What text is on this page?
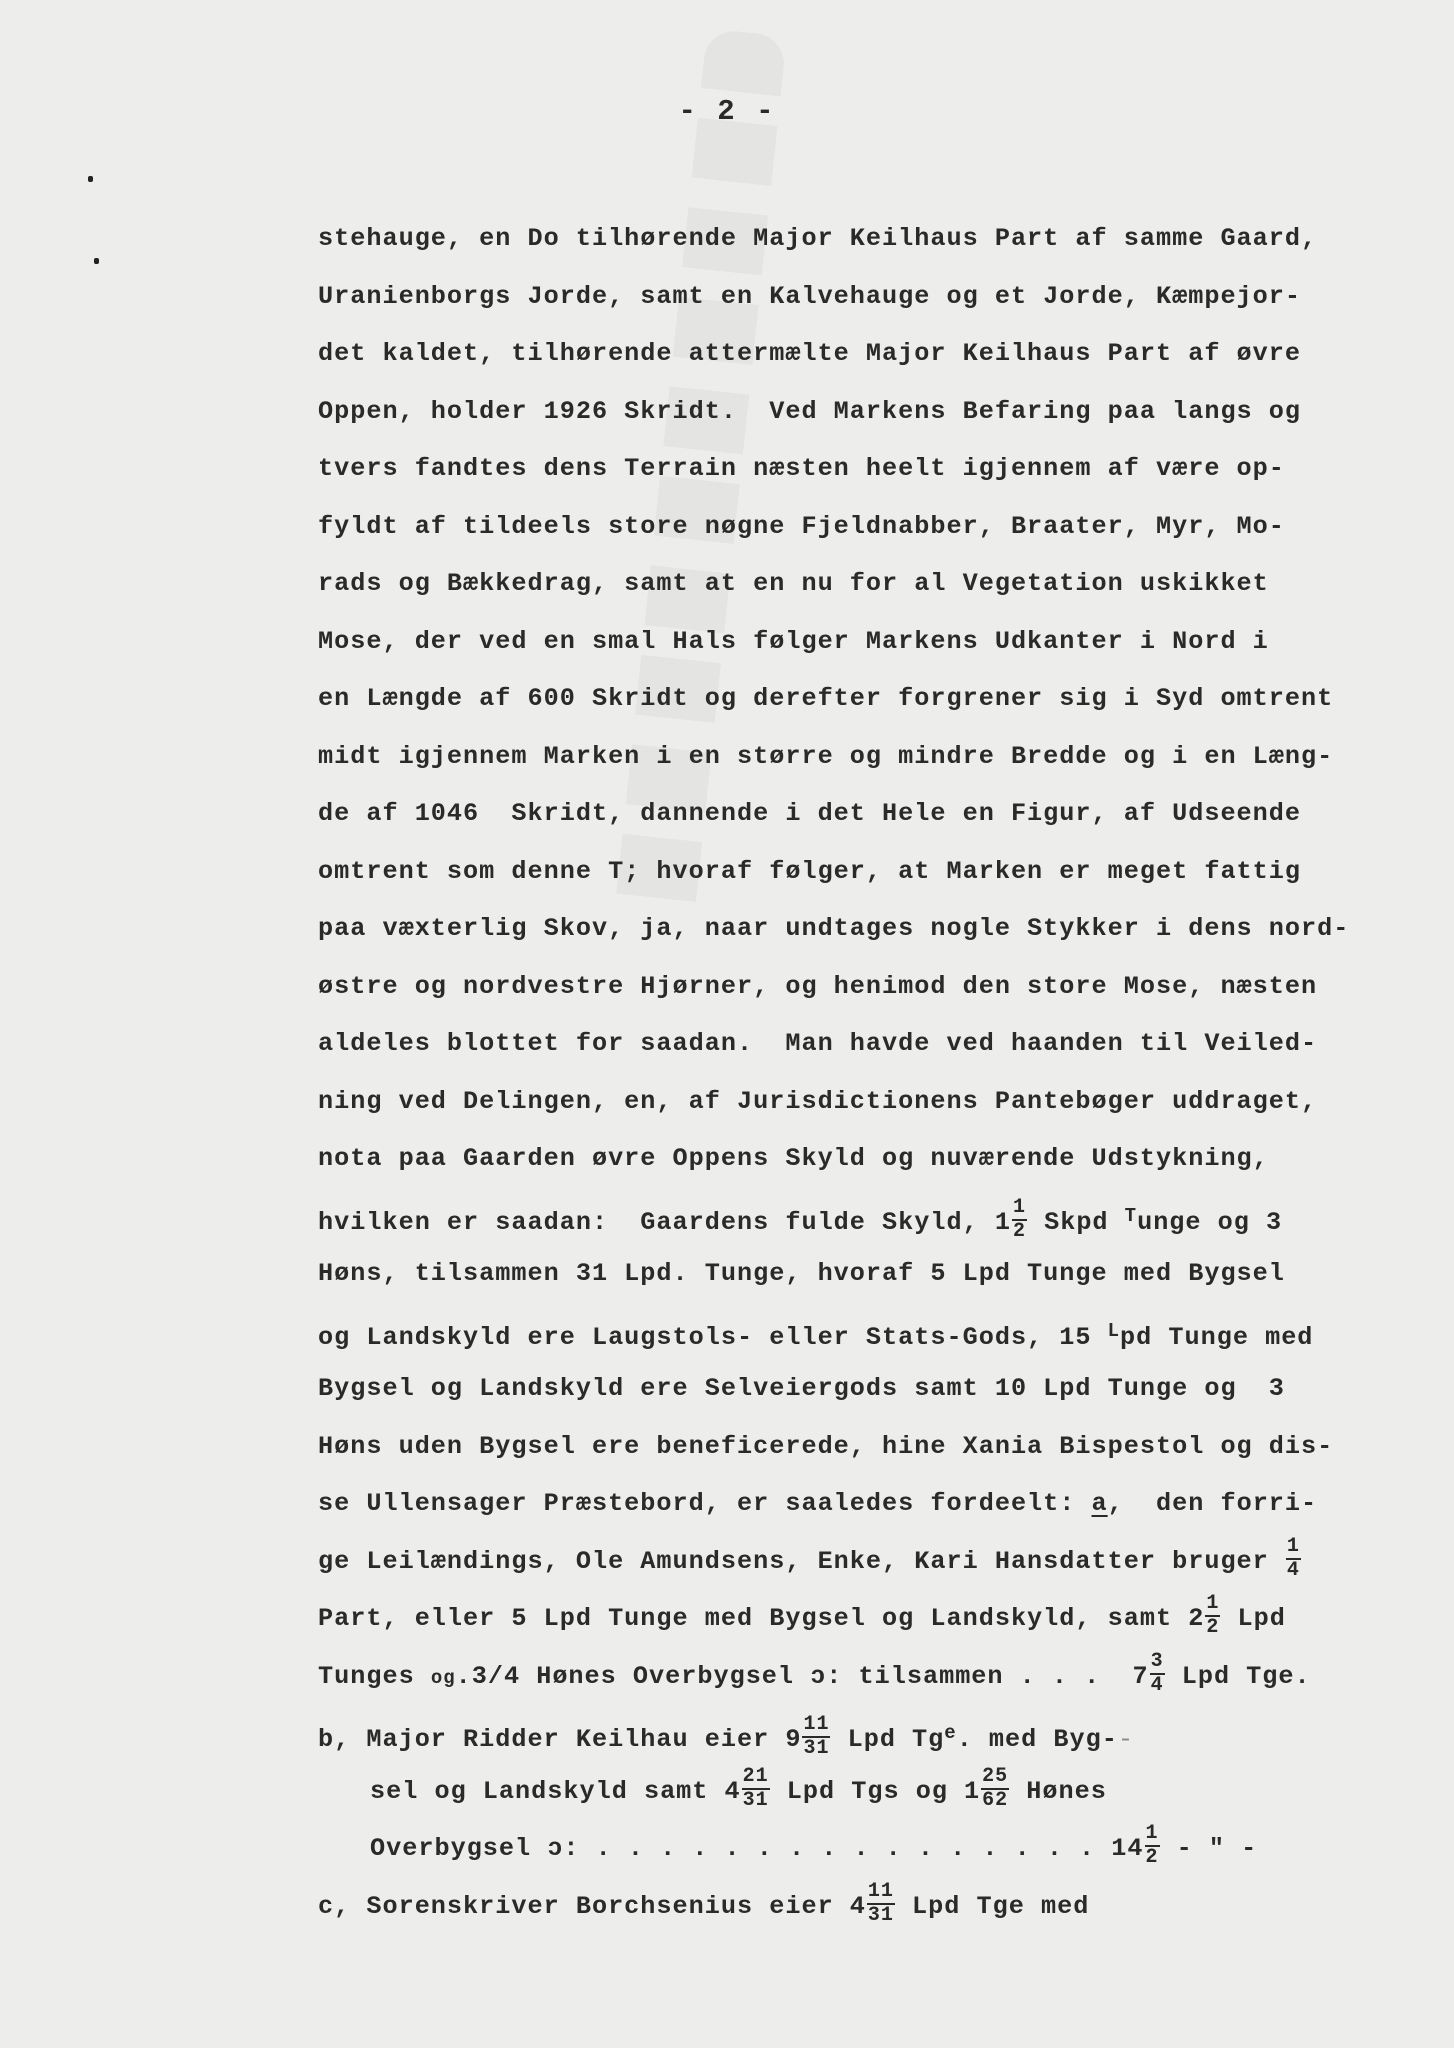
- 2 -
stehauge, en Do tilhørende Major Keilhaus Part af samme Gaard,
Uranienborgs Jorde, samt en Kalvehauge og et Jorde, Kæmpejor-
det kaldet, tilhørende attermælte Major Keilhaus Part af øvre
Oppen, holder 1926 Skridt.  Ved Markens Befaring paa langs og
tvers fandtes dens Terrain næsten heelt igjennem af være op-
fyldt af tildeels store nøgne Fjeldnabber, Braater, Myr, Mo-
rads og Bækkedrag, samt at en nu for al Vegetation uskikket
Mose, der ved en smal Hals følger Markens Udkanter i Nord i
en Længde af 600 Skridt og derefter forgrener sig i Syd omtrent
midt igjennem Marken i en større og mindre Bredde og i en Læng-
de af 1046  Skridt, dannende i det Hele en Figur, af Udseende
omtrent som denne T; hvoraf følger, at Marken er meget fattig
paa væxterlig Skov, ja, naar undtages nogle Stykker i dens nord-
østre og nordvestre Hjørner, og henimod den store Mose, næsten
aldeles blottet for saadan.  Man havde ved haanden til Veiled-
ning ved Delingen, en, af Jurisdictionens Pantebøger uddraget,
nota paa Gaarden øvre Oppens Skyld og nuværende Udstykning,
hvilken er saadan:  Gaardens fulde Skyld, $1 \frac{1}{2}$ Skpd $^T$unge og 3
Høns, tilsammen 31 Lpd. Tunge, hvoraf 5 Lpd Tunge med Bygsel
og Landskyld ere Laugstols- eller Stats-Gods, 15 $^L$pd Tunge med
Bygsel og Landskyld ere Selveiergods samt 10 Lpd Tunge og  3
Høns uden Bygsel ere beneficerede, hine Xania Bispestol og dis-
se Ullensager Præstebord, er saaledes fordeelt: a,  den forri-
ge Leilændings, Ole Amundsens, Enke, Kari Hansdatter bruger $\frac{1}{4}$
Part, eller 5 Lpd Tunge med Bygsel og Landskyld, samt $2 \frac{1}{2}$ Lpd
Tunges og.3/4 Hønes Overbygsel ɔ: tilsammen . . .  $7 \frac{3}{4}$ Lpd Tge.
b, Major Ridder Keilhau eier $9 \frac{11}{31}$ Lpd Tg$^e$. med Byg--
sel og Landskyld samt $4 \frac{21}{31}$ Lpd Tgs og $1 \frac{25}{62}$ Hønes
Overbygsel ɔ: . . . . . . . . . . . . . . . . $14 \frac{1}{2}$ - " -
c, Sorenskriver Borchsenius eier $4 \frac{11}{31}$ Lpd Tge med
